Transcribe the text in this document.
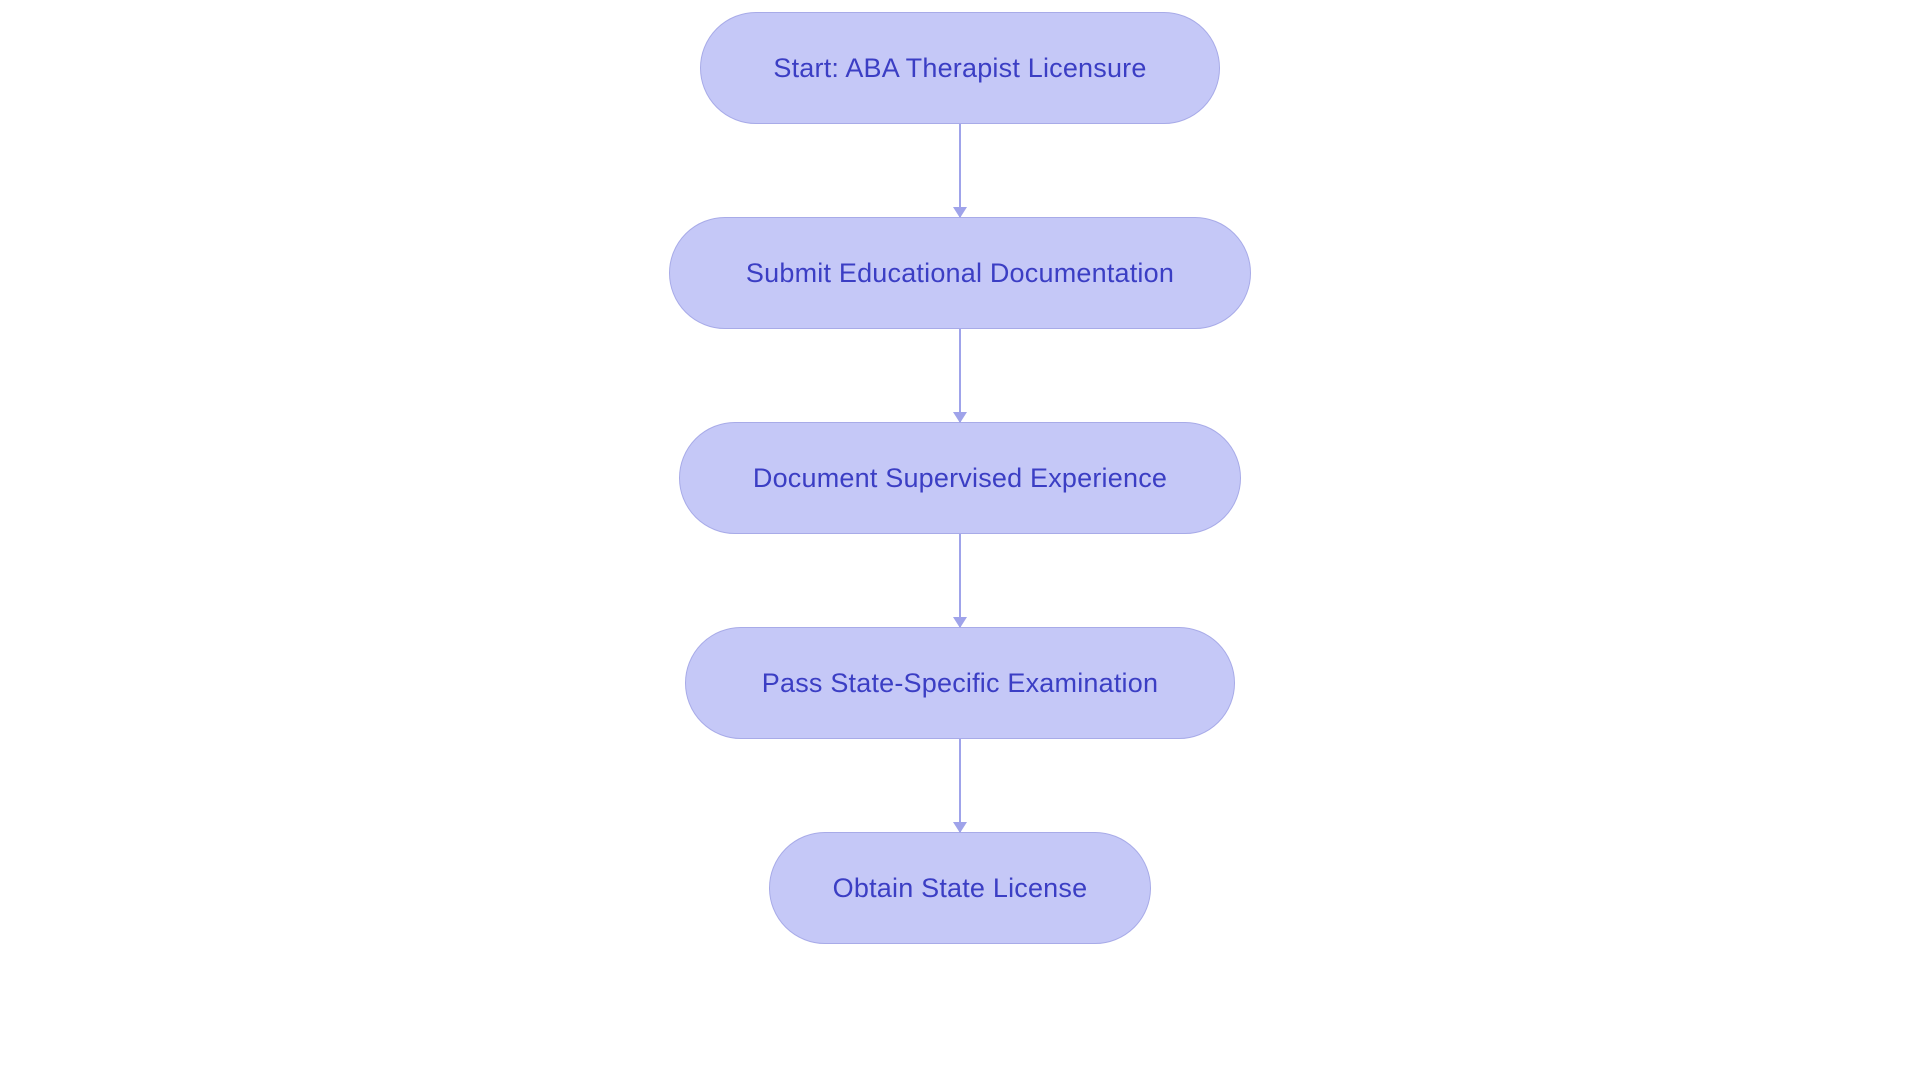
Start: ABA Therapist Licensure
Submit Educational Documentation
Document Supervised Experience
Pass State-Specific Examination
Obtain State License
